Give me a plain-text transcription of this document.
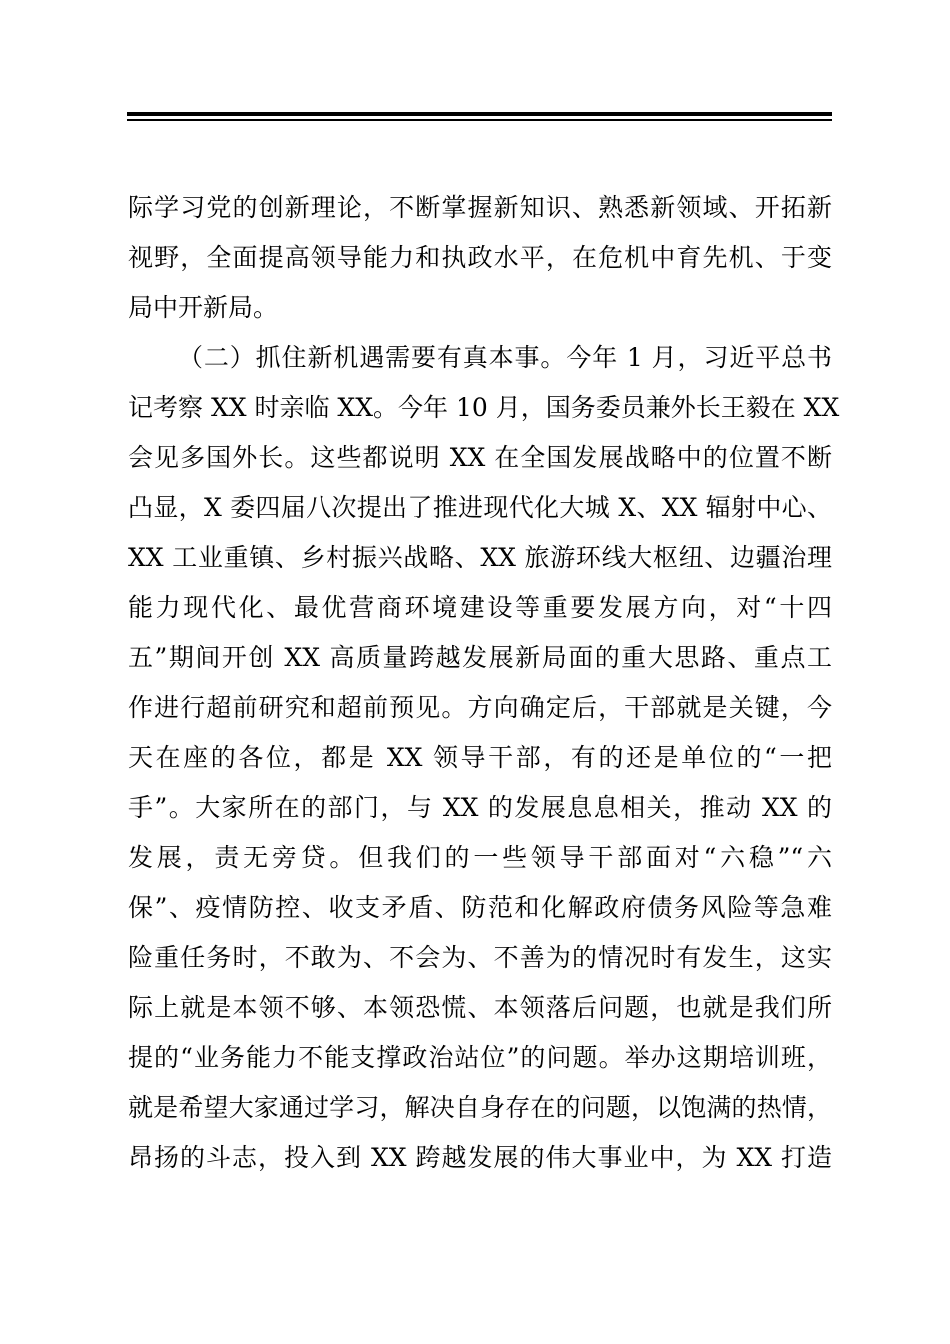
际学习党的创新理论，不断掌握新知识、熟悉新领域、开拓新
视野，全面提高领导能力和执政水平，在危机中育先机、于变
局中开新局。
（二）抓住新机遇需要有真本事。今年 1 月，习近平总书
记考察 XX 时亲临 XX。今年 10 月，国务委员兼外长王毅在 XX
会见多国外长。这些都说明 XX 在全国发展战略中的位置不断
凸显，X 委四届八次提出了推进现代化大城 X、XX 辐射中心、
XX 工业重镇、乡村振兴战略、XX 旅游环线大枢纽、边疆治理
能力现代化、最优营商环境建设等重要发展方向，对“十四
五”期间开创 XX 高质量跨越发展新局面的重大思路、重点工
作进行超前研究和超前预见。方向确定后，干部就是关键，今
天在座的各位，都是 XX 领导干部，有的还是单位的“一把
手”。大家所在的部门，与 XX 的发展息息相关，推动 XX 的
发展，责无旁贷。但我们的一些领导干部面对“六稳”“六
保”、疫情防控、收支矛盾、防范和化解政府债务风险等急难
险重任务时，不敢为、不会为、不善为的情况时有发生，这实
际上就是本领不够、本领恐慌、本领落后问题，也就是我们所
提的“业务能力不能支撑政治站位”的问题。举办这期培训班，
就是希望大家通过学习，解决自身存在的问题，以饱满的热情，
昂扬的斗志，投入到 XX 跨越发展的伟大事业中，为 XX 打造
